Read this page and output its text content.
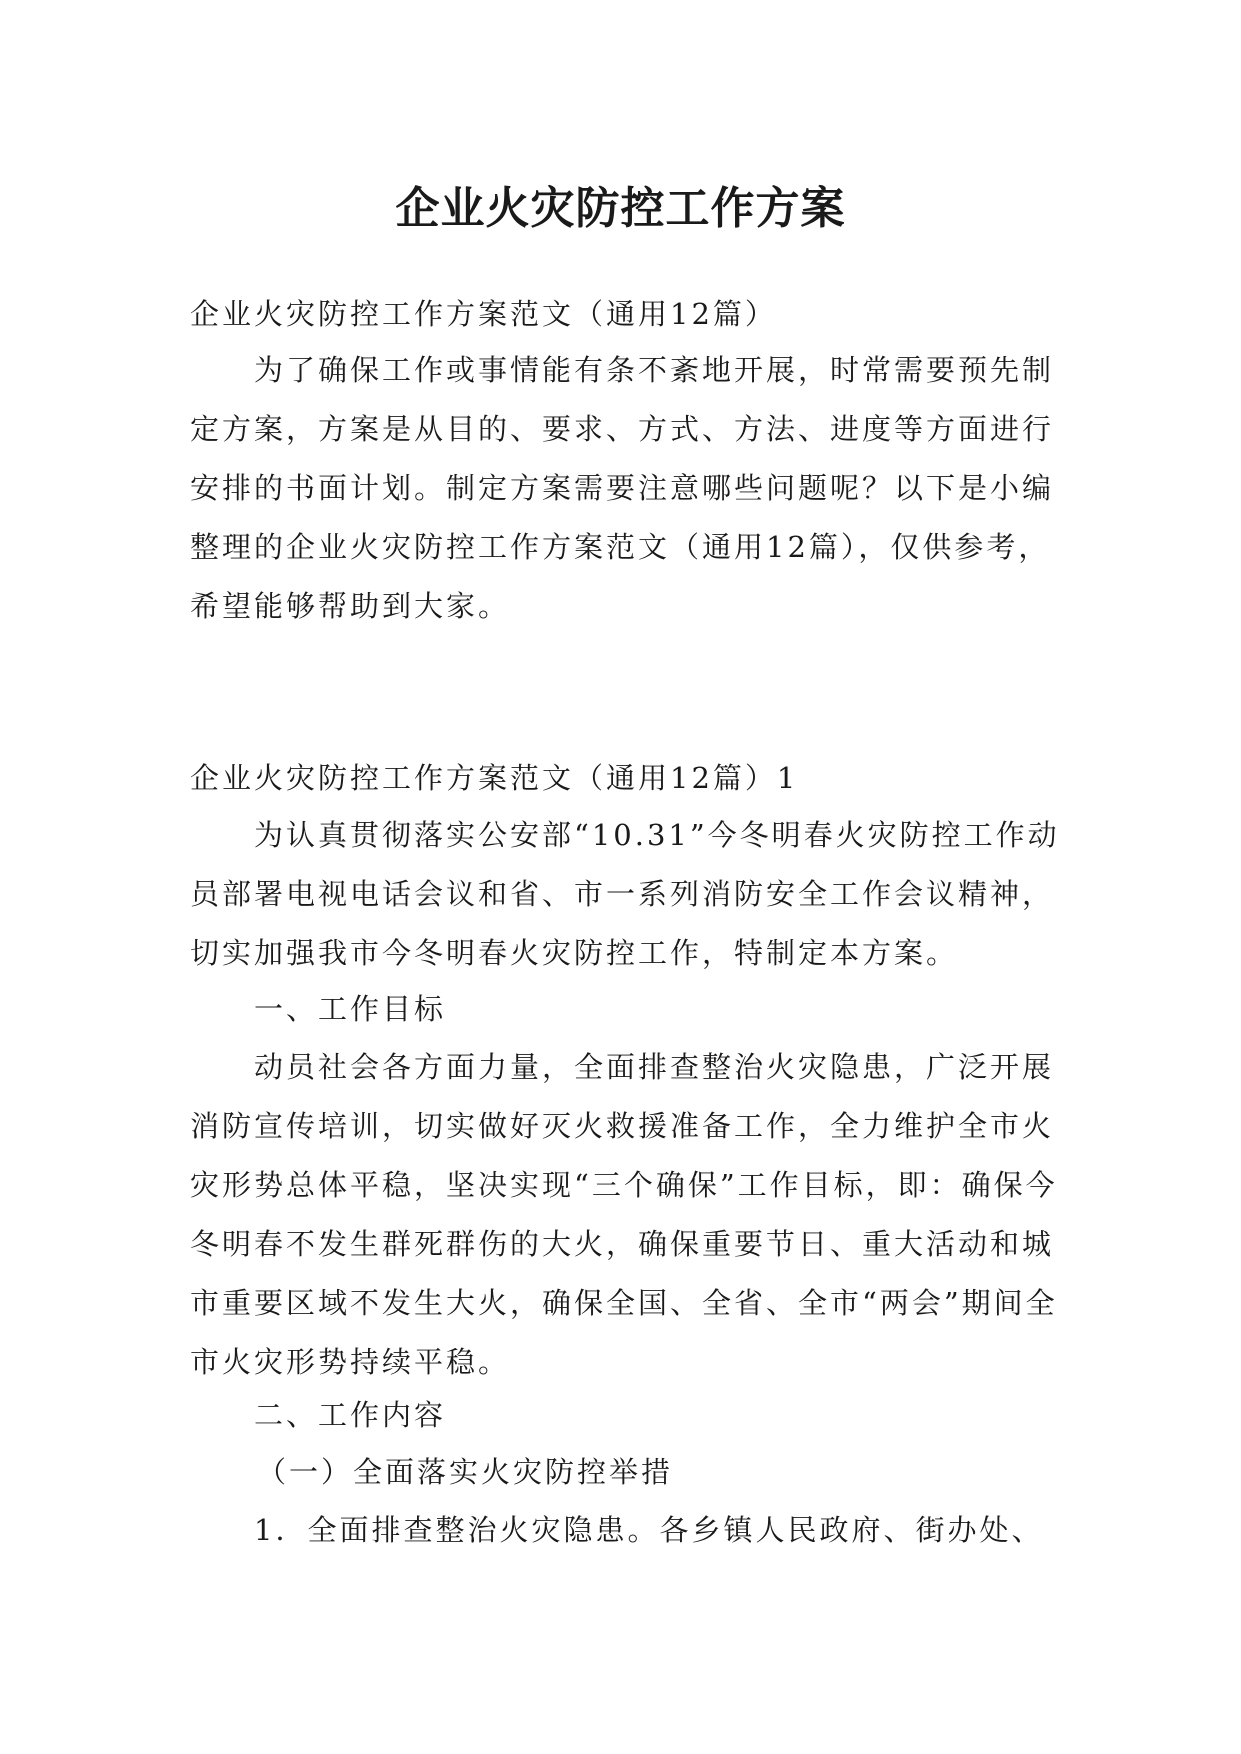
企业火灾防控工作方案

企业火灾防控工作方案范文（通用12篇）

为了确保工作或事情能有条不紊地开展，时常需要预先制定方案，方案是从目的、要求、方式、方法、进度等方面进行安排的书面计划。制定方案需要注意哪些问题呢？以下是小编整理的企业火灾防控工作方案范文（通用12篇），仅供参考，希望能够帮助到大家。

企业火灾防控工作方案范文（通用12篇）1

为认真贯彻落实公安部“10.31”今冬明春火灾防控工作动员部署电视电话会议和省、市一系列消防安全工作会议精神，切实加强我市今冬明春火灾防控工作，特制定本方案。

一、工作目标

动员社会各方面力量，全面排查整治火灾隐患，广泛开展消防宣传培训，切实做好灭火救援准备工作，全力维护全市火灾形势总体平稳，坚决实现“三个确保”工作目标，即：确保今冬明春不发生群死群伤的大火，确保重要节日、重大活动和城市重要区域不发生大火，确保全国、全省、全市“两会”期间全市火灾形势持续平稳。

二、工作内容

（一）全面落实火灾防控举措

1．全面排查整治火灾隐患。各乡镇人民政府、街办处、
